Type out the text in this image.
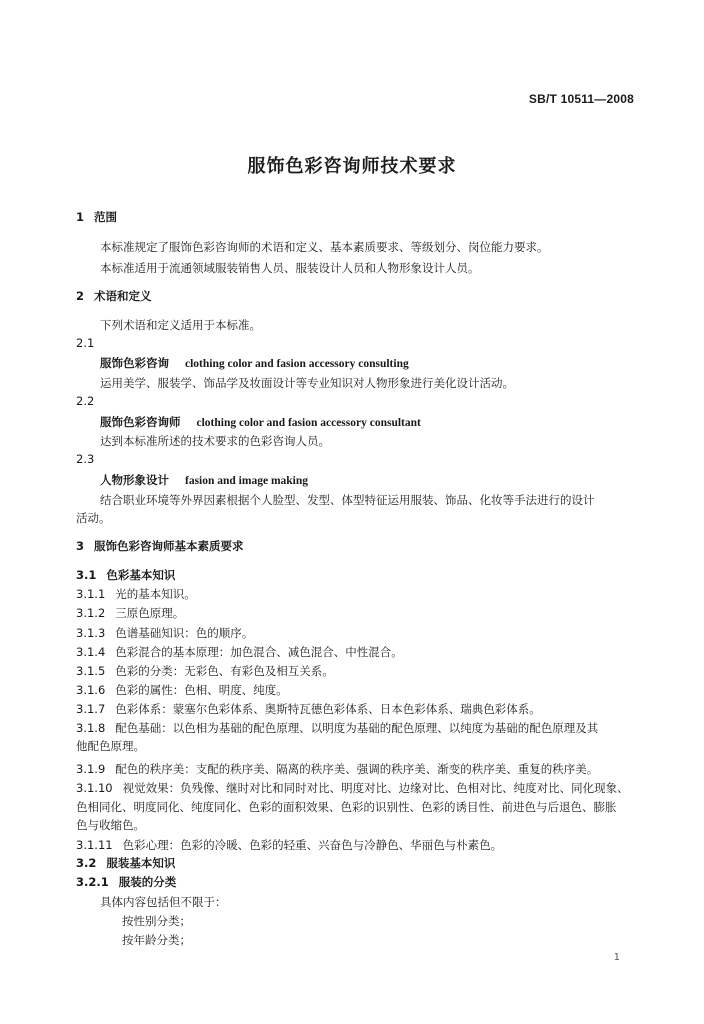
SB/T 10511—2008
服饰色彩咨询师技术要求
1 范围
本标准规定了服饰色彩咨询师的术语和定义、基本素质要求、等级划分、岗位能力要求。
本标准适用于流通领域服装销售人员、服装设计人员和人物形象设计人员。
2 术语和定义
下列术语和定义适用于本标准。
2.1
服饰色彩咨询 clothing color and fasion accessory consulting
运用美学、服装学、饰品学及妆面设计等专业知识对人物形象进行美化设计活动。
2.2
服饰色彩咨询师 clothing color and fasion accessory consultant
达到本标准所述的技术要求的色彩咨询人员。
2.3
人物形象设计 fasion and image making
结合职业环境等外界因素根据个人脸型、发型、体型特征运用服装、饰品、化妆等手法进行的设计
活动。
3 服饰色彩咨询师基本素质要求
3.1 色彩基本知识
3.1.1 光的基本知识。
3.1.2 三原色原理。
3.1.3 色谱基础知识：色的顺序。
3.1.4 色彩混合的基本原理：加色混合、减色混合、中性混合。
3.1.5 色彩的分类：无彩色、有彩色及相互关系。
3.1.6 色彩的属性：色相、明度、纯度。
3.1.7 色彩体系：蒙塞尔色彩体系、奥斯特瓦德色彩体系、日本色彩体系、瑞典色彩体系。
3.1.8 配色基础：以色相为基础的配色原理、以明度为基础的配色原理、以纯度为基础的配色原理及其
他配色原理。
3.1.9 配色的秩序美：支配的秩序美、隔离的秩序美、强调的秩序美、渐变的秩序美、重复的秩序美。
3.1.10 视觉效果：负残像、继时对比和同时对比、明度对比、边缘对比、色相对比、纯度对比、同化现象、
色相同化、明度同化、纯度同化、色彩的面积效果、色彩的识别性、色彩的诱目性、前进色与后退色、膨胀
色与收缩色。
3.1.11 色彩心理：色彩的冷暖、色彩的轻重、兴奋色与冷静色、华丽色与朴素色。
3.2 服装基本知识
3.2.1 服装的分类
具体内容包括但不限于：
按性别分类；
按年龄分类；
1
